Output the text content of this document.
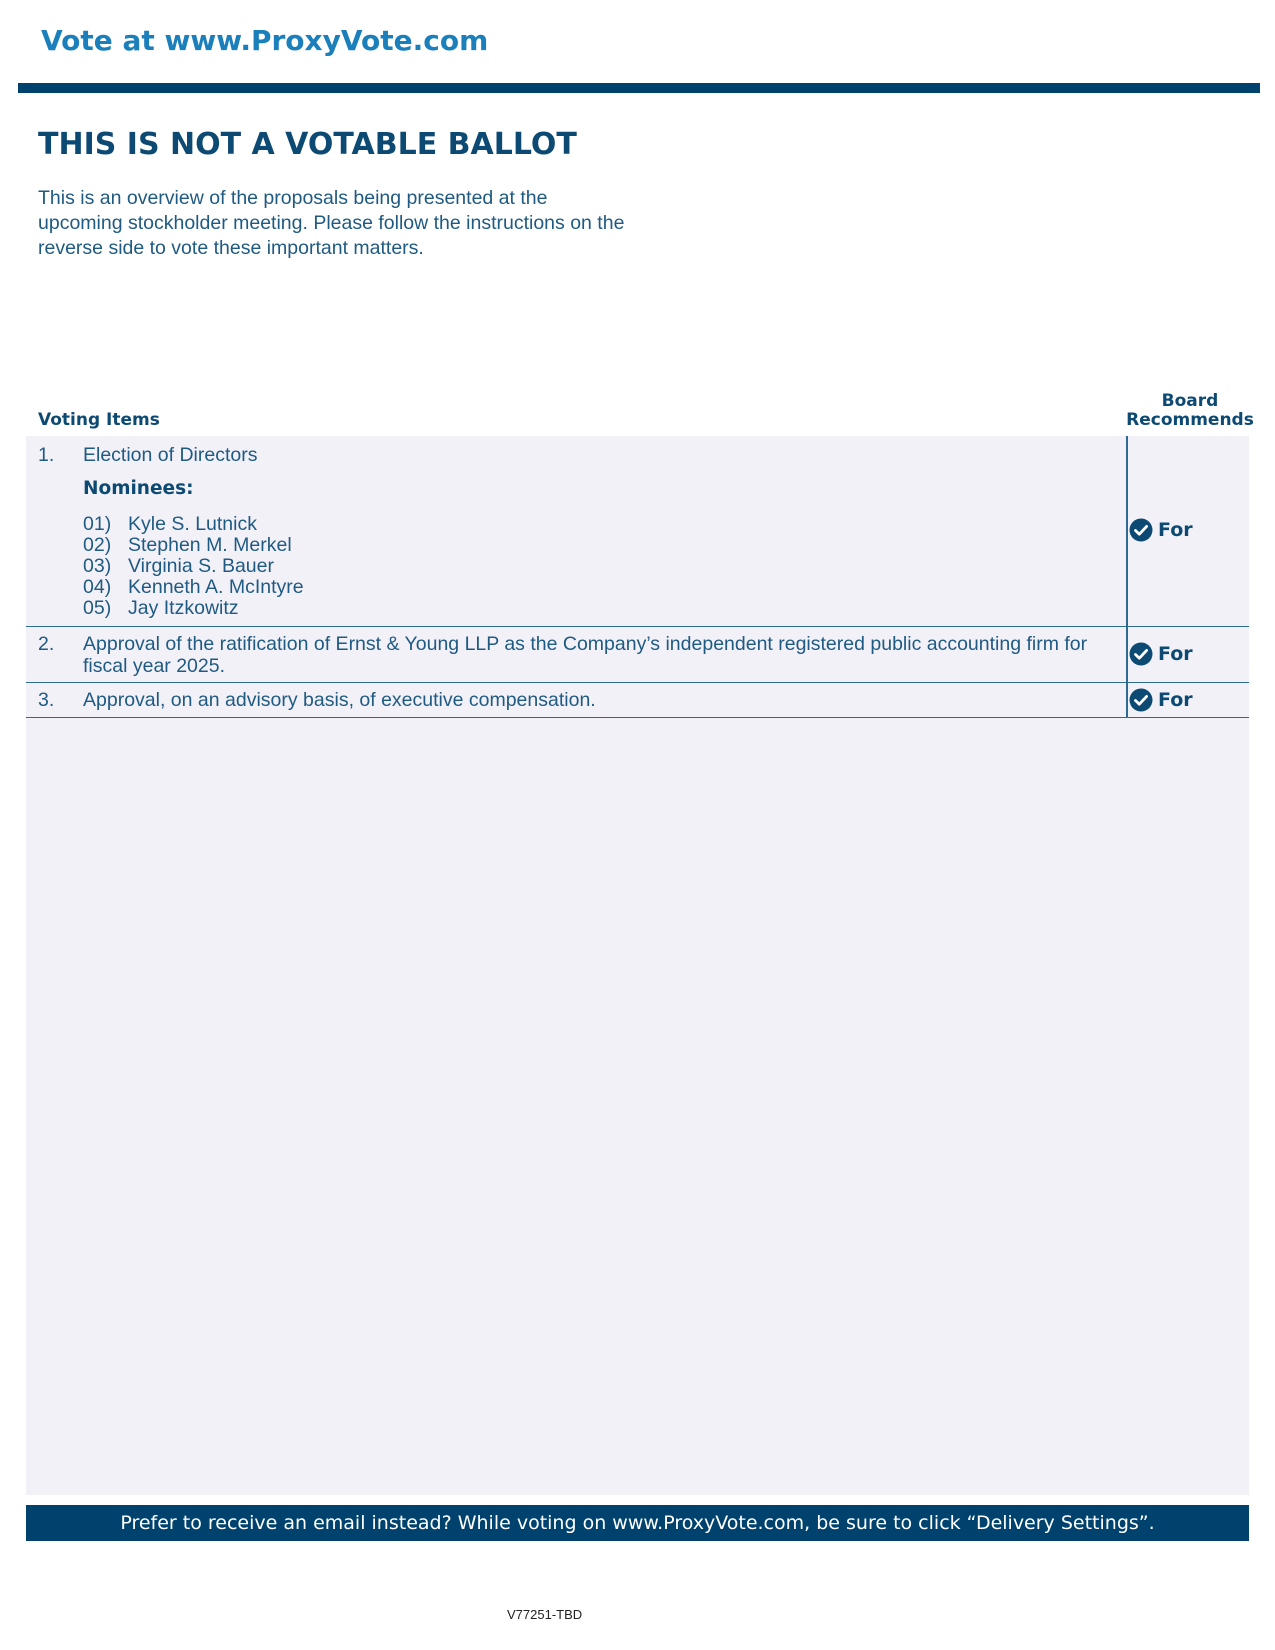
Vote at www.ProxyVote.com
THIS IS NOT A VOTABLE BALLOT
This is an overview of the proposals being presented at the upcoming stockholder meeting. Please follow the instructions on the reverse side to vote these important matters.
Voting Items
Board
Recommends
1. Election of Directors
Nominees:
01) Kyle S. Lutnick
02) Stephen M. Merkel
03) Virginia S. Bauer
04) Kenneth A. McIntyre
05) Jay Itzkowitz
For
2. Approval of the ratification of Ernst & Young LLP as the Company’s independent registered public accounting firm for fiscal year 2025.
For
3. Approval, on an advisory basis, of executive compensation.	For
Prefer to receive an email instead? While voting on www.ProxyVote.com, be sure to click “Delivery Settings”.
V77251-TBD
